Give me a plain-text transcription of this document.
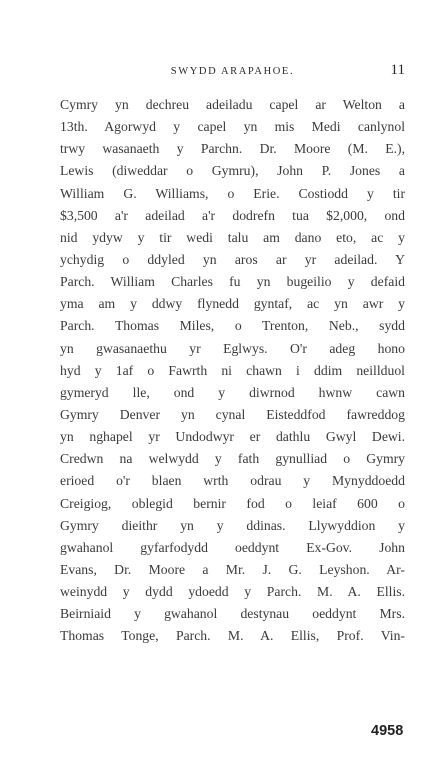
SWYDD ARAPAHOE.	11
Cymry yn dechreu adeiladu capel ar Welton a
13th. Agorwyd y capel yn mis Medi canlynol
trwy wasanaeth y Parchn. Dr. Moore (M. E.),
Lewis (diweddar o Gymru), John P. Jones a
William G. Williams, o Erie. Costiodd y tir
$3,500 a'r adeilad a'r dodrefn tua $2,000, ond
nid ydyw y tir wedi talu am dano eto, ac y
ychydig o ddyled yn aros ar yr adeilad. Y
Parch. William Charles fu yn bugeilio y defaid
yma am y ddwy flynedd gyntaf, ac yn awr y
Parch. Thomas Miles, o Trenton, Neb., sydd
yn gwasanaethu yr Eglwys. O'r adeg hono
hyd y 1af o Fawrth ni chawn i ddim neillduol
gymeryd lle, ond y diwrnod hwnw cawn
Gymry Denver yn cynal Eisteddfod fawreddog
yn nghapel yr Undodwyr er dathlu Gwyl Dewi.
Credwn na welwydd y fath gynulliad o Gymry
erioed o'r blaen wrth odrau y Mynyddoedd
Creigiog, oblegid bernir fod o leiaf 600 o
Gymry dieithr yn y ddinas. Llywyddion y
gwahanol gyfarfodydd oeddynt Ex-Gov. John
Evans, Dr. Moore a Mr. J. G. Leyshon. Ar-
weinydd y dydd ydoedd y Parch. M. A. Ellis.
Beirniaid y gwahanol destynau oeddynt Mrs.
Thomas Tonge, Parch. M. A. Ellis, Prof. Vin-
4958
